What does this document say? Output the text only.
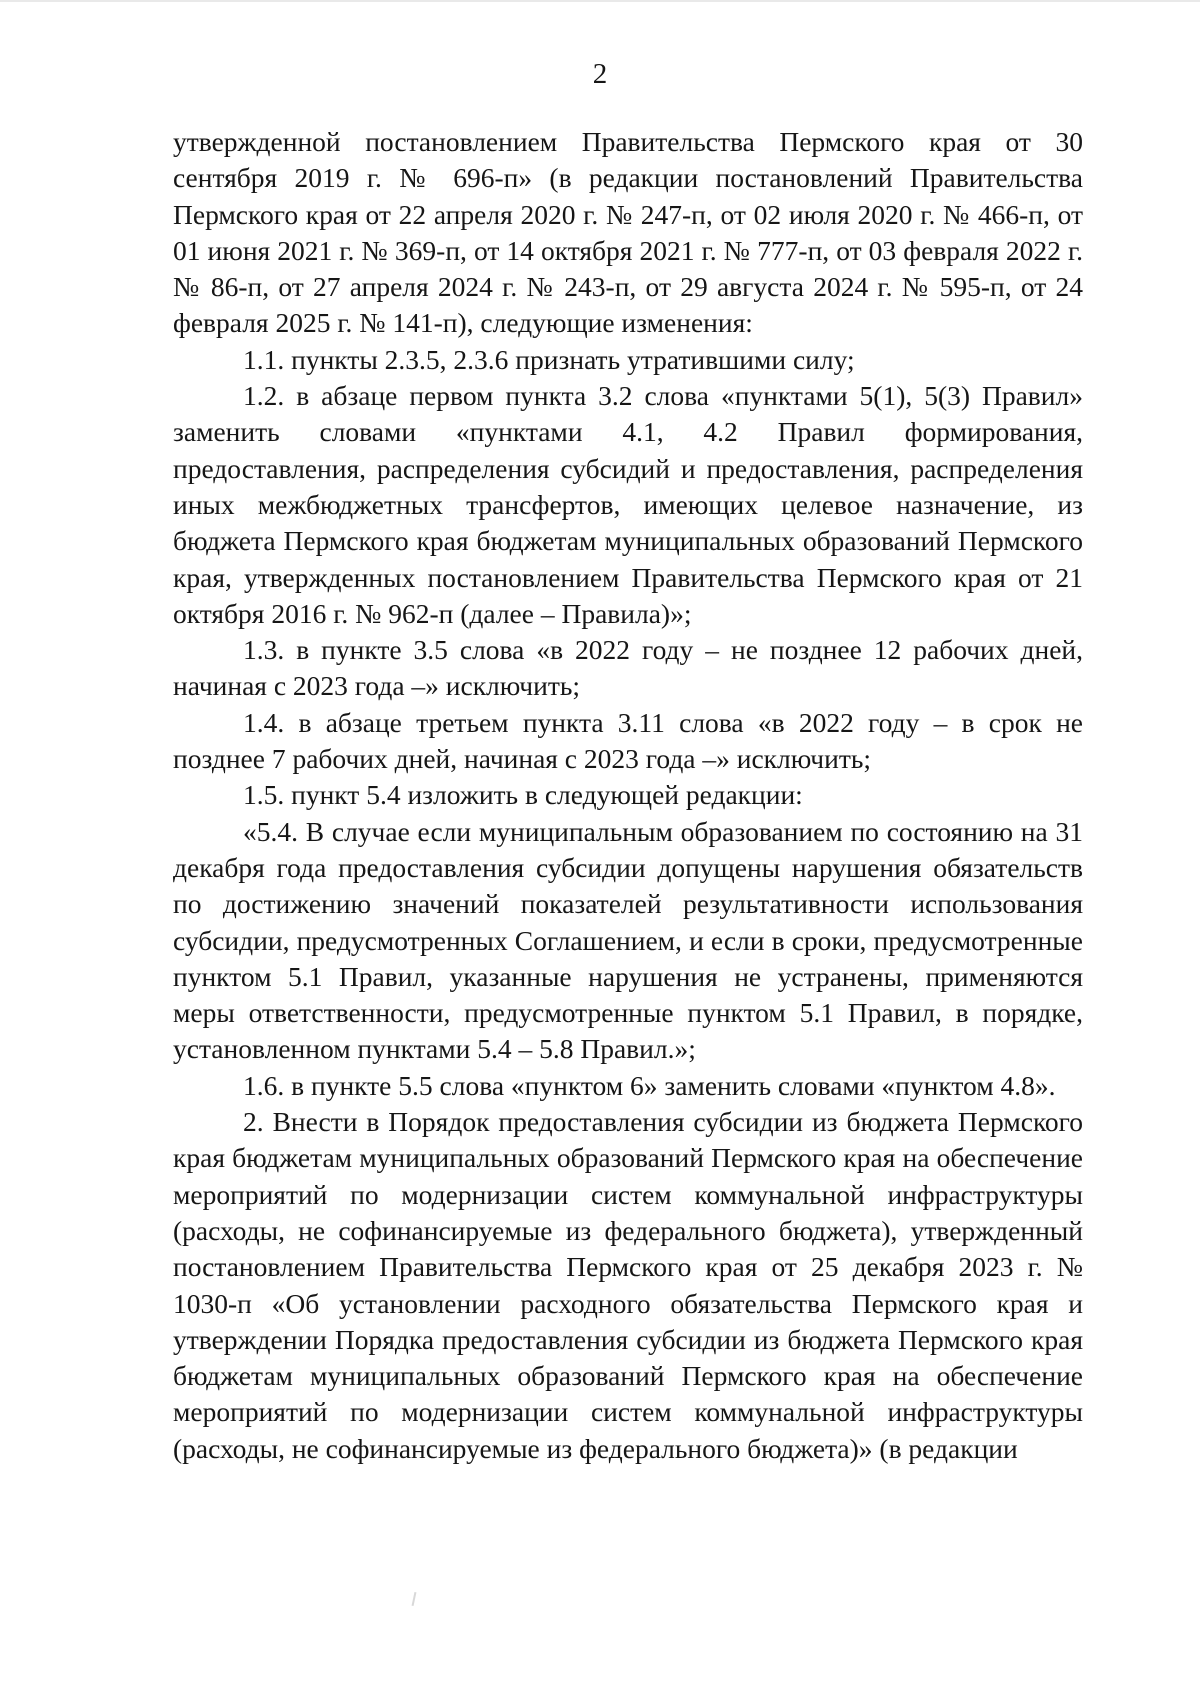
2

утвержденной постановлением Правительства Пермского края от 30 сентября 2019 г. № 696-п» (в редакции постановлений Правительства Пермского края от 22 апреля 2020 г. № 247-п, от 02 июля 2020 г. № 466-п, от 01 июня 2021 г. № 369-п, от 14 октября 2021 г. № 777-п, от 03 февраля 2022 г. № 86-п, от 27 апреля 2024 г. № 243-п, от 29 августа 2024 г. № 595-п, от 24 февраля 2025 г. № 141-п), следующие изменения:

1.1. пункты 2.3.5, 2.3.6 признать утратившими силу;

1.2. в абзаце первом пункта 3.2 слова «пунктами 5(1), 5(3) Правил» заменить словами «пунктами 4.1, 4.2 Правил формирования, предоставления, распределения субсидий и предоставления, распределения иных межбюджетных трансфертов, имеющих целевое назначение, из бюджета Пермского края бюджетам муниципальных образований Пермского края, утвержденных постановлением Правительства Пермского края от 21 октября 2016 г. № 962-п (далее – Правила)»;

1.3. в пункте 3.5 слова «в 2022 году – не позднее 12 рабочих дней, начиная с 2023 года –» исключить;

1.4. в абзаце третьем пункта 3.11 слова «в 2022 году – в срок не позднее 7 рабочих дней, начиная с 2023 года –» исключить;

1.5. пункт 5.4 изложить в следующей редакции:

«5.4. В случае если муниципальным образованием по состоянию на 31 декабря года предоставления субсидии допущены нарушения обязательств по достижению значений показателей результативности использования субсидии, предусмотренных Соглашением, и если в сроки, предусмотренные пунктом 5.1 Правил, указанные нарушения не устранены, применяются меры ответственности, предусмотренные пунктом 5.1 Правил, в порядке, установленном пунктами 5.4 – 5.8 Правил.»;

1.6. в пункте 5.5 слова «пунктом 6» заменить словами «пунктом 4.8».

2. Внести в Порядок предоставления субсидии из бюджета Пермского края бюджетам муниципальных образований Пермского края на обеспечение мероприятий по модернизации систем коммунальной инфраструктуры (расходы, не софинансируемые из федерального бюджета), утвержденный постановлением Правительства Пермского края от 25 декабря 2023 г. № 1030-п «Об установлении расходного обязательства Пермского края и утверждении Порядка предоставления субсидии из бюджета Пермского края бюджетам муниципальных образований Пермского края на обеспечение мероприятий по модернизации систем коммунальной инфраструктуры (расходы, не софинансируемые из федерального бюджета)» (в редакции
